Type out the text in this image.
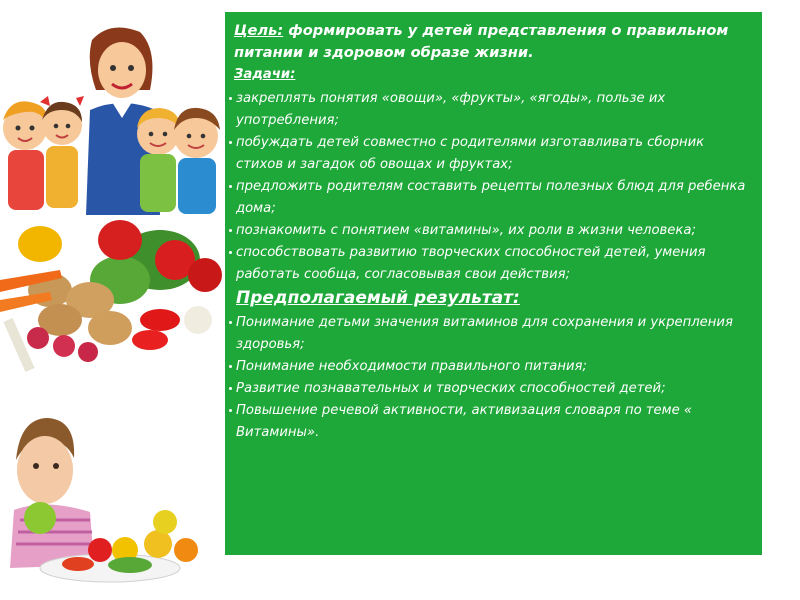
Цель: формировать у детей представления о правильном питании и здоровом образе жизни.
Задачи:
закреплять понятия «овощи», «фрукты», «ягоды», пользе их употребления;
побуждать детей совместно с родителями изготавливать сборник стихов и загадок об овощах и фруктах;
предложить родителям составить рецепты полезных блюд для ребенка дома;
познакомить с понятием «витамины», их роли в жизни человека;
способствовать развитию творческих способностей детей, умения работать сообща, согласовывая свои действия;
Предполагаемый результат:
Понимание детьми значения витаминов для сохранения и укрепления здоровья;
Понимание необходимости правильного питания;
Развитие познавательных и творческих способностей детей;
Повышение речевой активности, активизация словаря по теме « Витамины».
